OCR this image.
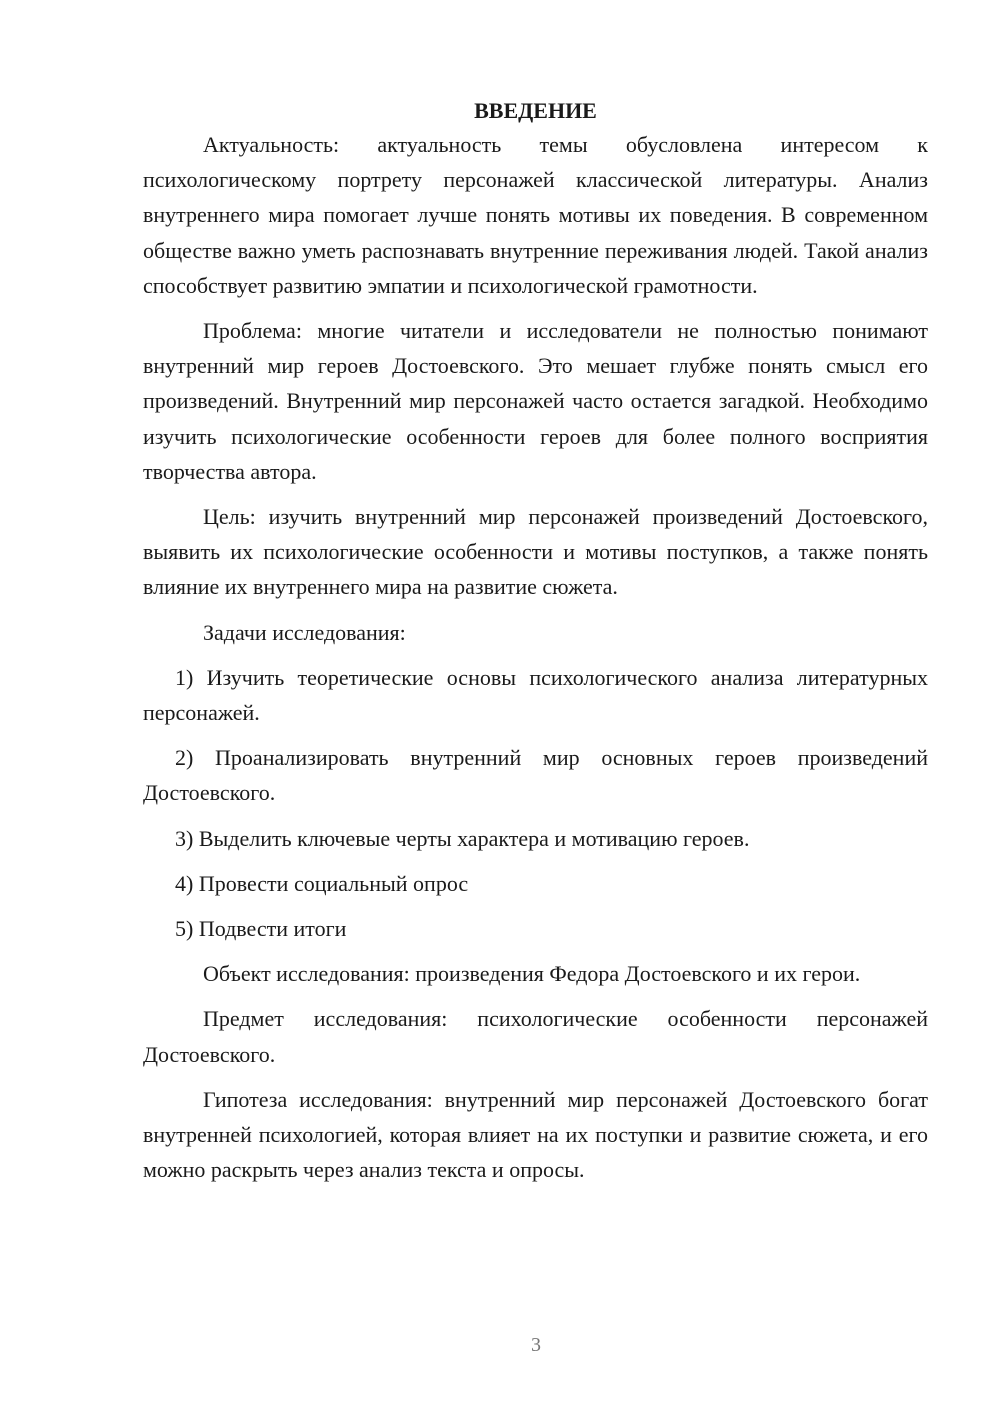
ВВЕДЕНИЕ

Актуальность: актуальность темы обусловлена интересом к психологическому портрету персонажей классической литературы. Анализ внутреннего мира помогает лучше понять мотивы их поведения. В современном обществе важно уметь распознавать внутренние переживания людей. Такой анализ способствует развитию эмпатии и психологической грамотности.

Проблема: многие читатели и исследователи не полностью понимают внутренний мир героев Достоевского. Это мешает глубже понять смысл его произведений. Внутренний мир персонажей часто остается загадкой. Необходимо изучить психологические особенности героев для более полного восприятия творчества автора.

Цель: изучить внутренний мир персонажей произведений Достоевского, выявить их психологические особенности и мотивы поступков, а также понять влияние их внутреннего мира на развитие сюжета.

Задачи исследования:

1) Изучить теоретические основы психологического анализа литературных персонажей.

2) Проанализировать внутренний мир основных героев произведений Достоевского.

3) Выделить ключевые черты характера и мотивацию героев.

4) Провести социальный опрос

5) Подвести итоги

Объект исследования: произведения Федора Достоевского и их герои.

Предмет исследования: психологические особенности персонажей Достоевского.

Гипотеза исследования: внутренний мир персонажей Достоевского богат внутренней психологией, которая влияет на их поступки и развитие сюжета, и его можно раскрыть через анализ текста и опросы.

3
